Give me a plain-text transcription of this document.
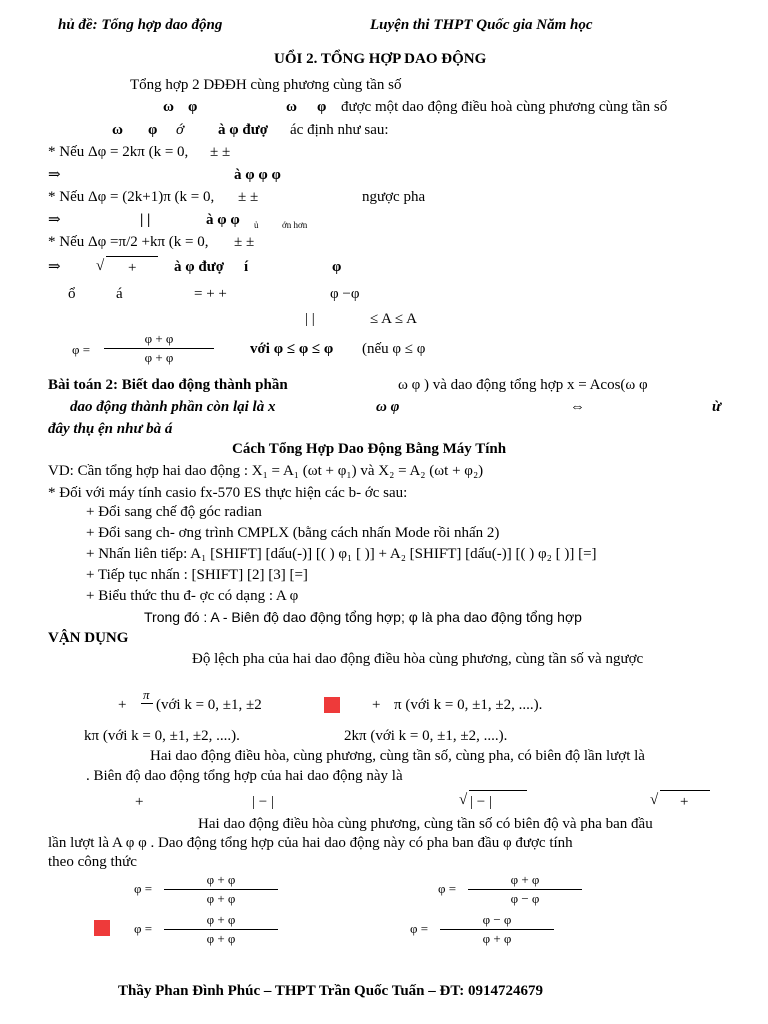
hủ đề: Tổng hợp dao động	Luyện thi THPT Quốc gia Năm học
UỔI 2. TỔNG HỢP DAO ĐỘNG
Tổng hợp 2 DĐĐH cùng phương cùng tần số
ω φ	ω φ được một dao động điều hoà cùng phương cùng tần số
ω φ ớ à φ đượ ác định như sau:
* Nếu Δφ = 2kπ (k = 0, ± ±
⇒	à φ φ φ
* Nếu Δφ = (2k+1)π (k = 0, ± ±	ngược pha
⇒	| |	à φ φ ủ	ớn hơn
* Nếu Δφ =π/2 +kπ (k = 0, ± ±
⇒ √ +	à φ đượ í	φ
ổ	á	= + +	φ −φ
| |	≤ A ≤ A
φ =
φ + φ
φ + φ
với φ ≤ φ ≤ φ (nếu φ ≤ φ
Bài toán 2: Biết dao động thành phần	ω φ ) và dao động tổng hợp x = Acos(ω φ
dao động thành phần còn lại là x	ω φ	⇔	ừ
đây thụ ện như bà á
Cách Tổng Hợp Dao Động Bằng Máy Tính
VD: Cần tổng hợp hai dao động : X₁ = A₁ (ωt + φ₁) và X₂ = A₂ (ωt + φ₂)
* Đối với máy tính casio fx-570 ES thực hiện các b- ớc sau:
+ Đổi sang chế độ góc radian
+ Đổi sang ch- ơng trình CMPLX (bằng cách nhấn Mode rồi nhấn 2)
+ Nhấn liên tiếp: A₁ [SHIFT] [dấu(-)] [( ) φ₁ [ )] + A₂ [SHIFT] [dấu(-)] [( ) φ₂ [ )] [=]
+ Tiếp tục nhấn : [SHIFT] [2] [3] [=]
+ Biểu thức thu đ- ợc có dạng : A φ
Trong đó : A - Biên độ dao động tổng hợp; φ là pha dao động tổng hợp
VẬN DỤNG
Độ lệch pha của hai dao động điều hòa cùng phương, cùng tần số và ngược
+
π
(với k = 0, ±1, ±2	+ π (với k = 0, ±1, ±2, ....).
kπ (với k = 0, ±1, ±2, ....).	2kπ (với k = 0, ±1, ±2, ....).
Hai dao động điều hòa, cùng phương, cùng tần số, cùng pha, có biên độ lần lượt là
. Biên độ dao động tổng hợp của hai dao động này là
+	| − |	√ | − |	√ +
Hai dao động điều hòa cùng phương, cùng tần số có biên độ và pha ban đầu
lần lượt là A φ φ . Dao động tổng hợp của hai dao động này có pha ban đầu φ được tính
theo công thức
φ =
φ + φ
φ + φ
φ =
φ + φ
φ − φ
φ =
φ + φ
φ + φ
φ =
φ − φ
φ + φ
Thầy Phan Đình Phúc – THPT Trần Quốc Tuấn – ĐT: 0914724679
